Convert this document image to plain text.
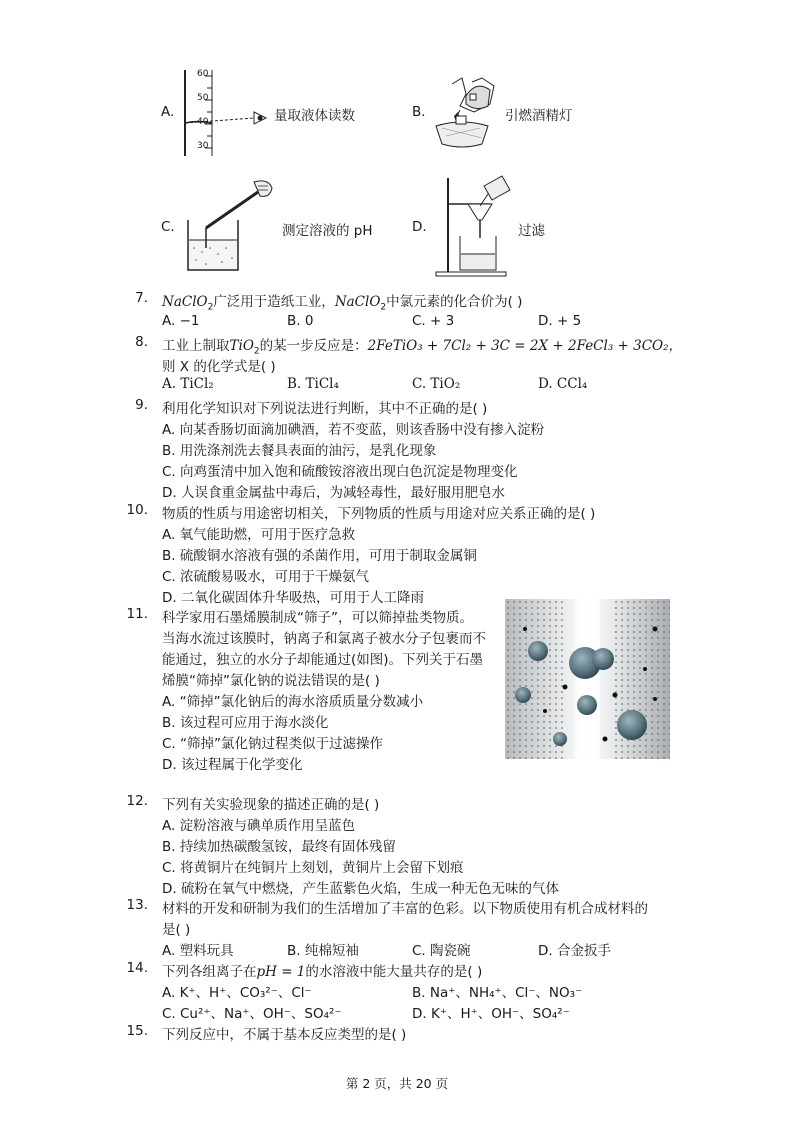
A.
60
50
40
30
量取液体读数	B.	引燃酒精灯
C.	测定溶液的 pH	D.	过滤
7. NaClO$_2$广泛用于造纸工业，NaClO$_2$中氯元素的化合价为( )
A. −1	B. 0	C. + 3	D. + 5
8. 工业上制取TiO$_2$的某一步反应是：2FeTiO₃ + 7Cl₂ + 3C = 2X + 2FeCl₃ + 3CO₂，
则 X 的化学式是( )
A. TiCl₂	B. TiCl₄	C. TiO₂	D. CCl₄
9. 利用化学知识对下列说法进行判断，其中不正确的是( )
A. 向某香肠切面滴加碘酒，若不变蓝，则该香肠中没有掺入淀粉
B. 用洗涤剂洗去餐具表面的油污，是乳化现象
C. 向鸡蛋清中加入饱和硫酸铵溶液出现白色沉淀是物理变化
D. 人误食重金属盐中毒后，为减轻毒性，最好服用肥皂水
10. 物质的性质与用途密切相关，下列物质的性质与用途对应关系正确的是( )
A. 氧气能助燃，可用于医疗急救
B. 硫酸铜水溶液有强的杀菌作用，可用于制取金属铜
C. 浓硫酸易吸水，可用于干燥氨气
D. 二氧化碳固体升华吸热，可用于人工降雨
11. 科学家用石墨烯膜制成“筛子”，可以筛掉盐类物质。
当海水流过该膜时，钠离子和氯离子被水分子包裹而不
能通过，独立的水分子却能通过(如图)。下列关于石墨
烯膜“筛掉”氯化钠的说法错误的是( )
A. “筛掉”氯化钠后的海水溶质质量分数减小
B. 该过程可应用于海水淡化
C. “筛掉”氯化钠过程类似于过滤操作
D. 该过程属于化学变化
12. 下列有关实验现象的描述正确的是( )
A. 淀粉溶液与碘单质作用呈蓝色
B. 持续加热碳酸氢铵，最终有固体残留
C. 将黄铜片在纯铜片上刻划，黄铜片上会留下划痕
D. 硫粉在氧气中燃烧，产生蓝紫色火焰，生成一种无色无味的气体
13. 材料的开发和研制为我们的生活增加了丰富的色彩。以下物质使用有机合成材料的
是( )
A. 塑料玩具	B. 纯棉短袖	C. 陶瓷碗	D. 合金扳手
14. 下列各组离子在pH = 1的水溶液中能大量共存的是( )
A. K⁺、H⁺、CO₃²⁻、Cl⁻	B. Na⁺、NH₄⁺、Cl⁻、NO₃⁻
C. Cu²⁺、Na⁺、OH⁻、SO₄²⁻	D. K⁺、H⁺、OH⁻、SO₄²⁻
15. 下列反应中，不属于基本反应类型的是( )
第 2 页，共 20 页
